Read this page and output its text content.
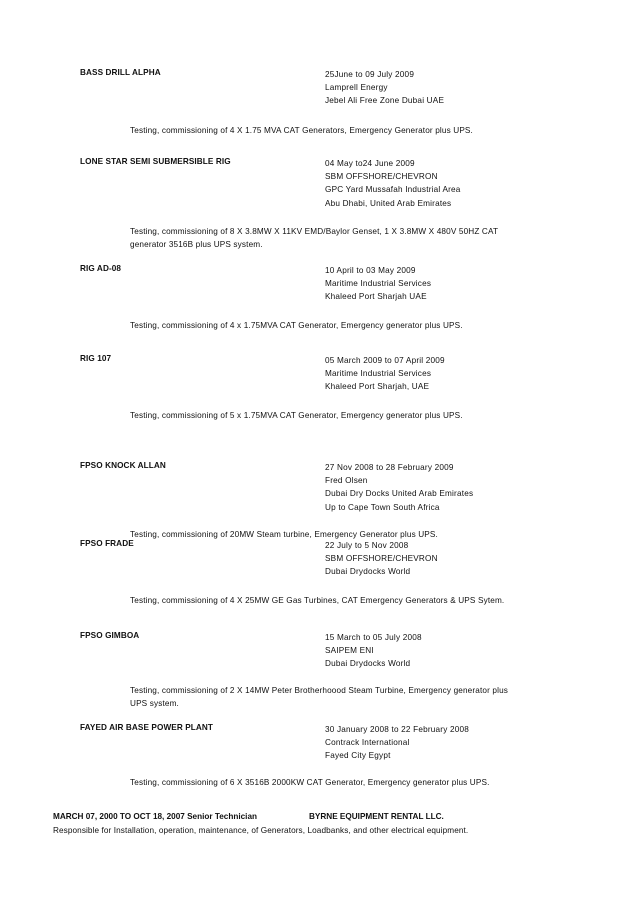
BASS DRILL ALPHA	25June to 09 July 2009
Lamprell Energy
Jebel Ali Free Zone Dubai UAE
Testing, commissioning of 4 X 1.75 MVA CAT Generators, Emergency Generator plus UPS.
LONE STAR SEMI SUBMERSIBLE RIG	04 May to24 June 2009
SBM OFFSHORE/CHEVRON
GPC Yard Mussafah Industrial Area
Abu Dhabi, United Arab Emirates
Testing, commissioning of 8 X 3.8MW X 11KV EMD/Baylor Genset, 1 X 3.8MW X 480V 50HZ CAT generator 3516B plus UPS system.
RIG AD-08	10 April to 03 May 2009
Maritime Industrial Services
Khaleed Port Sharjah UAE
Testing, commissioning of 4 x 1.75MVA CAT Generator, Emergency generator plus UPS.
RIG 107	05 March 2009 to 07 April 2009
Maritime Industrial Services
Khaleed Port Sharjah, UAE
Testing, commissioning of 5 x 1.75MVA CAT Generator, Emergency generator plus UPS.
FPSO KNOCK ALLAN	27 Nov 2008 to 28 February 2009
Fred Olsen
Dubai Dry Docks United Arab Emirates
Up to Cape Town South Africa
Testing, commissioning of 20MW Steam turbine, Emergency Generator plus UPS.
FPSO FRADE	22 July to 5 Nov 2008
SBM OFFSHORE/CHEVRON
Dubai Drydocks World
Testing, commissioning of 4 X 25MW GE Gas Turbines, CAT Emergency Generators & UPS Sytem.
FPSO GIMBOA	15 March to 05 July 2008
SAIPEM ENI
Dubai Drydocks World
Testing, commissioning of 2 X 14MW Peter Brotherhoood Steam Turbine, Emergency generator plus UPS system.
FAYED AIR BASE POWER PLANT	30 January 2008 to 22 February 2008
Contrack International
Fayed City Egypt
Testing, commissioning of 6 X 3516B 2000KW CAT Generator, Emergency generator plus UPS.
MARCH 07, 2000 TO OCT 18, 2007 Senior Technician	BYRNE EQUIPMENT RENTAL LLC.
Responsible for Installation, operation, maintenance, of Generators, Loadbanks, and other electrical equipment.
